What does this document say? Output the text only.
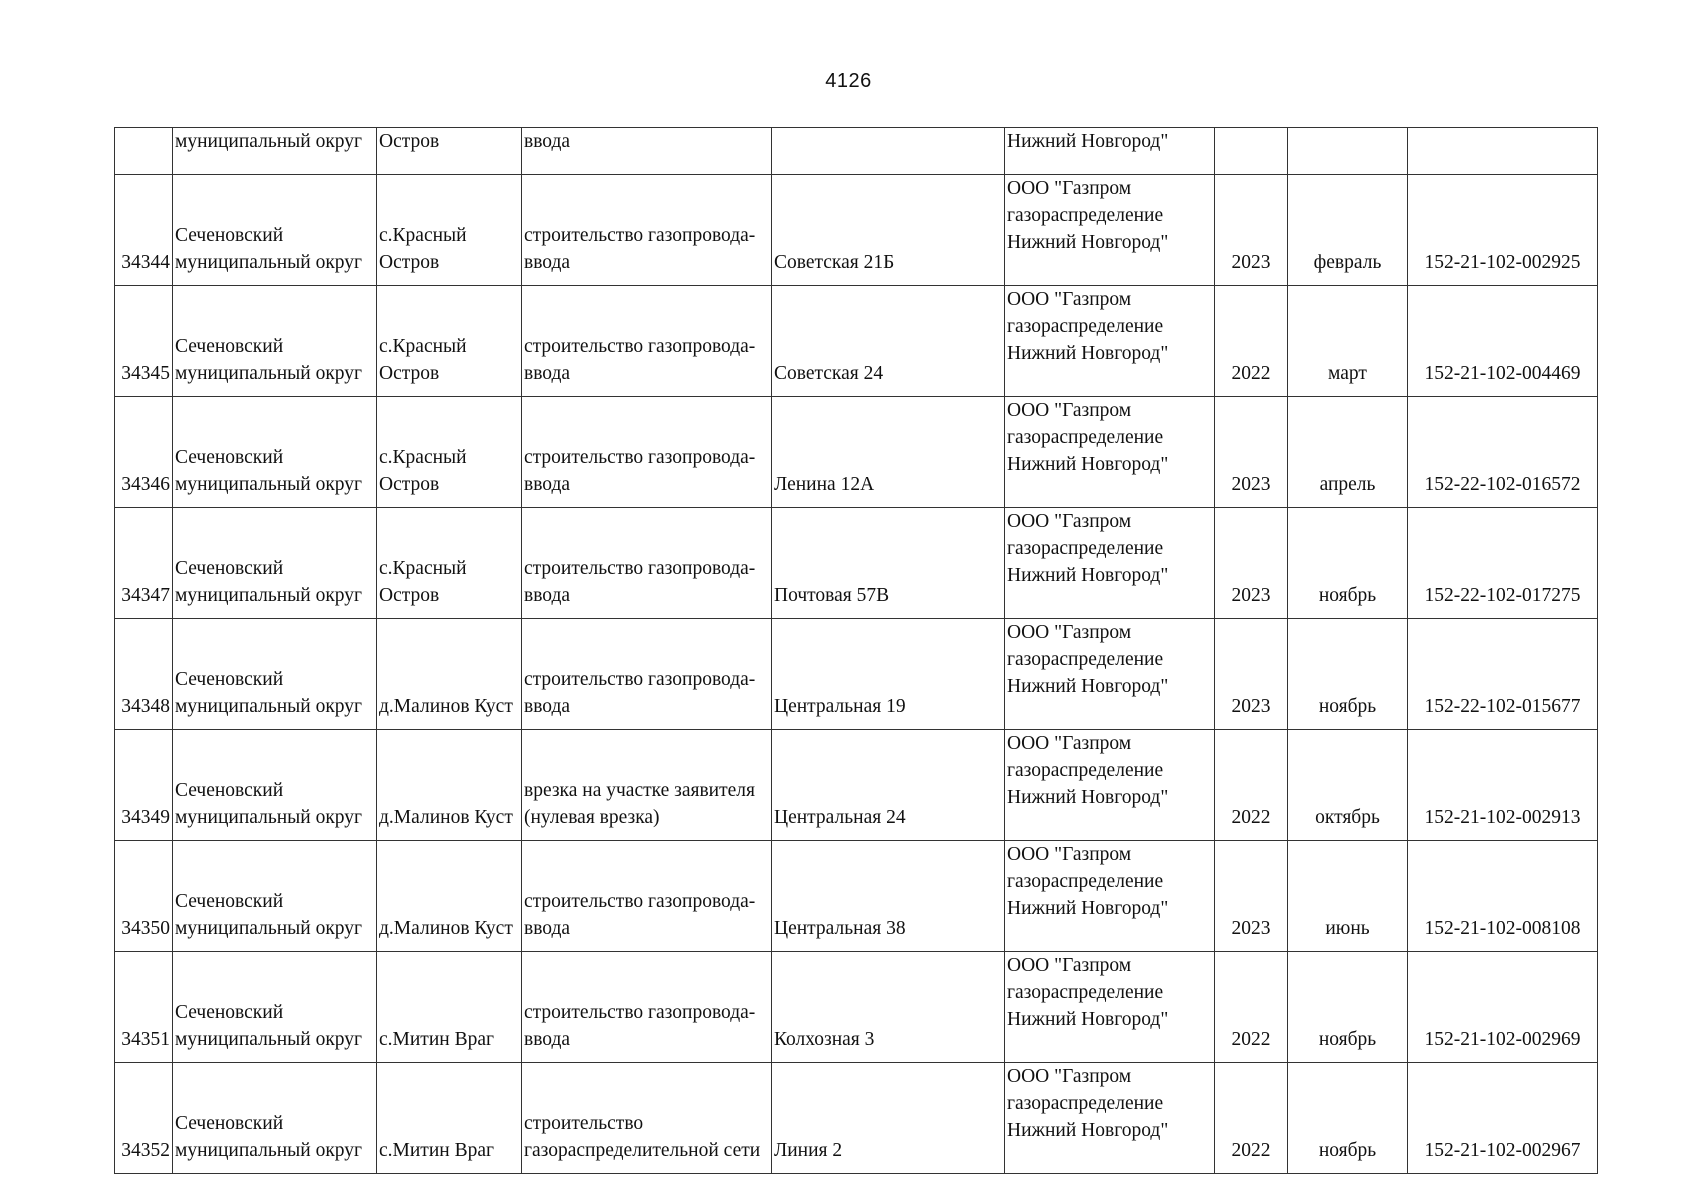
4126
	муниципальный округ	Остров	ввода		Нижний Новгород"			
34344	Сеченовский
муниципальный округ	с.Красный
Остров	строительство газопровода-
ввода	Советская 21Б	ООО "Газпром
газораспределение
Нижний Новгород"	2023	февраль	152-21-102-002925
34345	Сеченовский
муниципальный округ	с.Красный
Остров	строительство газопровода-
ввода	Советская 24	ООО "Газпром
газораспределение
Нижний Новгород"	2022	март	152-21-102-004469
34346	Сеченовский
муниципальный округ	с.Красный
Остров	строительство газопровода-
ввода	Ленина 12А	ООО "Газпром
газораспределение
Нижний Новгород"	2023	апрель	152-22-102-016572
34347	Сеченовский
муниципальный округ	с.Красный
Остров	строительство газопровода-
ввода	Почтовая 57В	ООО "Газпром
газораспределение
Нижний Новгород"	2023	ноябрь	152-22-102-017275
34348	Сеченовский
муниципальный округ	д.Малинов Куст	строительство газопровода-
ввода	Центральная 19	ООО "Газпром
газораспределение
Нижний Новгород"	2023	ноябрь	152-22-102-015677
34349	Сеченовский
муниципальный округ	д.Малинов Куст	врезка на участке заявителя
(нулевая врезка)	Центральная 24	ООО "Газпром
газораспределение
Нижний Новгород"	2022	октябрь	152-21-102-002913
34350	Сеченовский
муниципальный округ	д.Малинов Куст	строительство газопровода-
ввода	Центральная 38	ООО "Газпром
газораспределение
Нижний Новгород"	2023	июнь	152-21-102-008108
34351	Сеченовский
муниципальный округ	с.Митин Враг	строительство газопровода-
ввода	Колхозная 3	ООО "Газпром
газораспределение
Нижний Новгород"	2022	ноябрь	152-21-102-002969
34352	Сеченовский
муниципальный округ	с.Митин Враг	строительство
газораспределительной сети	Линия 2	ООО "Газпром
газораспределение
Нижний Новгород"	2022	ноябрь	152-21-102-002967
